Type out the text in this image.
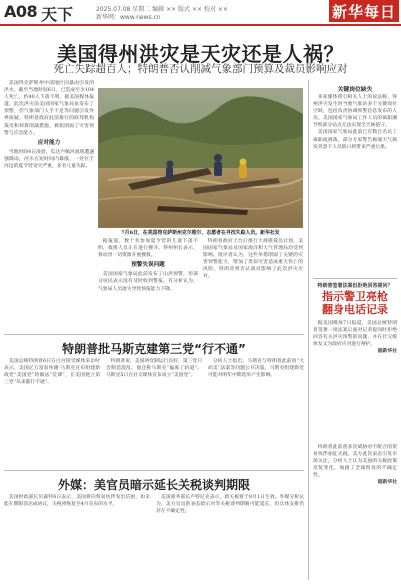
A08 天下	2025.07.08 星期二 编辑 ×× 版式 ×× 校对 ××
新华网：www.news.cn	新华每日
美国得州洪灾是天灾还是人祸？
死亡失踪超百人；特朗普否认削减气象部门预算及裁员影响应对

美国得克萨斯州中部地区因暴雨引发的洪水，截至当地时间6日，已造成至少104人死亡，约40人下落不明。据美国媒体报道，此次洪灾前美国国家气象局虽发布了预警，但气象部门人手不足等问题引发外界质疑。特朗普政府此前推行的联邦机构裁员和预算削减措施，被指削弱了灾害预警与应急能力。

应对能力

当地时间4日凌晨，瓜达卢佩河流域遭遇强降雨，河水在短时间内暴涨，一处位于河边的夏令营受灾严重，多名儿童失踪。

7月6日，在美国得克萨斯州克尔维尔，志愿者在寻找失踪人员。新华社发

据报道，数十名参加夏令营的儿童下落不明，救援人员正在进行搜寻。得州州长表示，将动用一切资源开展搜救。

预警失误问题

美国国家气象局此前发布了山洪预警，但部分居民表示没有及时收到警报。有分析认为，气象局人员流失导致预报能力下降。

特朗普政府上台后推行大规模裁员计划，美国国家气象局及国家海洋和大气管理局均受到影响。批评者认为，这些举措削弱了关键的灾害预警能力，增加了类似灾害造成重大伤亡的风险。特朗普则否认裁员影响了此次洪灾应对。

关键岗位缺失

多家媒体援引相关人士的说法称，得州洪灾发生时当地气象站多个关键岗位空缺，包括负责协调预警信息发布的人员。美国国家气象局工作人员的离职潮导致部分站点无法实现全天候值守。

美国国家气象局此前已有数百名员工离职或被裁，部分专家警告极端天气频发背景下人员缺口将带来严重后果。

特朗普批马斯克建第三党“行不通”

美国总统特朗普6日在白宫接受媒体采访时表示，美国亿万富翁埃隆·马斯克宣布组建新政党“美国党”的做法“荒谬”，在美国建立第三党“从来都行不通”。

特朗普说，美国两党制运行良好，第三党只会制造混乱。他还称马斯克“偏离了轨道”。马斯克5日在社交媒体宣布成立“美国党”。

分析人士指出，马斯克与特朗普此前因“大而美”法案等问题公开决裂，马斯克组建新党可能对明年中期选举产生影响。

外媒：美官员暗示延长关税谈判期限

美国财政部长贝森特6日表示，美国将向贸易伙伴发出信函，如未能在期限前达成协议，关税将恢复至4月宣布的水平。

美国商务部长卢特尼克表示，新关税将于8月1日生效。外媒分析认为，美方官员的表态暗示对等关税谈判期限可能延长，但具体安排仍存在不确定性。

特朗普签署法案但拒绝回答提问？
指示警卫亮枪
翻身电话记录

据美国媒体7日报道，美国总统特朗普签署一项法案后面对记者提问时拒绝回答有关洪灾预警的问题，并在社交媒体发文为政府应对进行辩护。

据新华社

特朗普此前曾多次威胁对不配合的贸易伙伴加征关税。美方此次表态引发市场关注，分析人士认为美国的关税政策反复变化，加剧了全球贸易的不确定性。

据新华社
